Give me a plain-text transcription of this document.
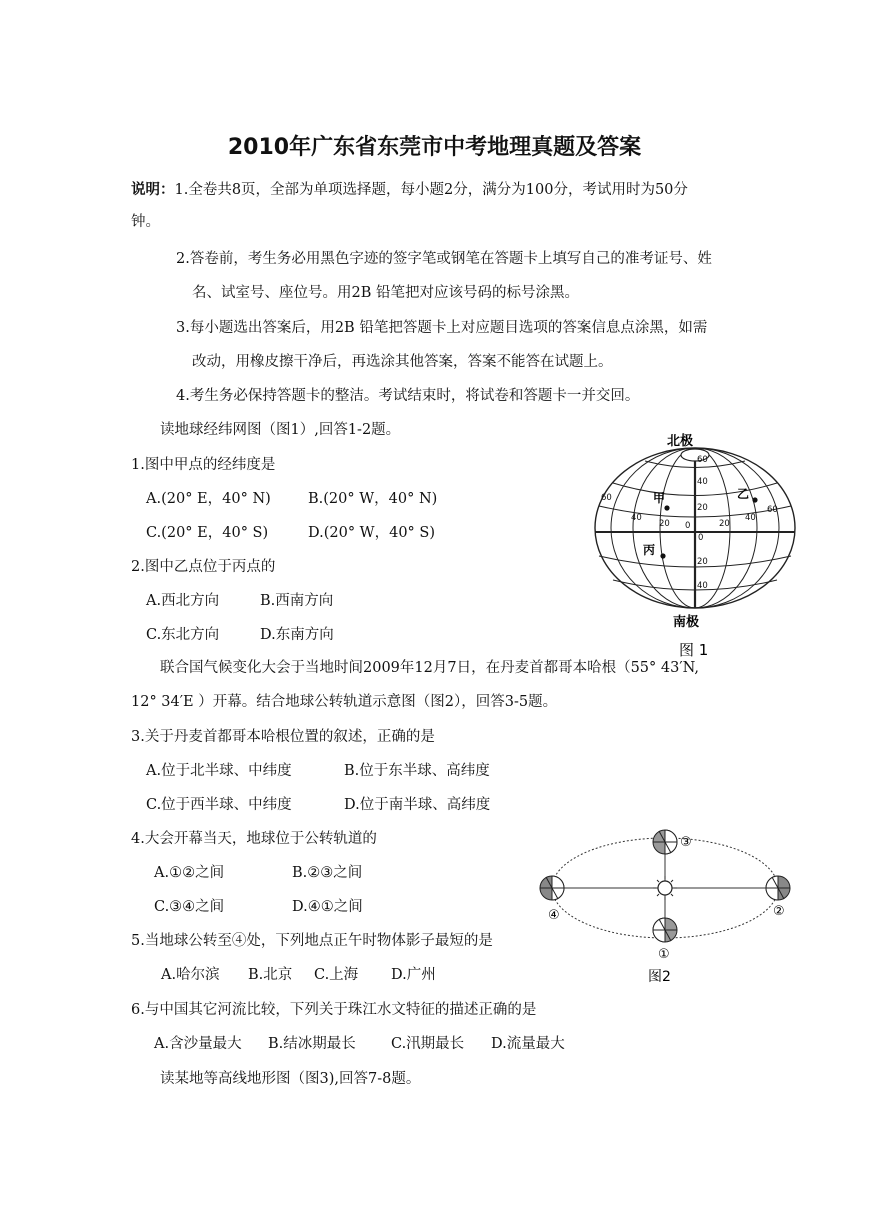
2010年广东省东莞市中考地理真题及答案
说明：1.全卷共8页，全部为单项选择题，每小题2分，满分为100分，考试用时为50分
钟。
2.答卷前，考生务必用黑色字迹的签字笔或钢笔在答题卡上填写自己的准考证号、姓
名、试室号、座位号。用2B 铅笔把对应该号码的标号涂黑。
3.每小题选出答案后，用2B 铅笔把答题卡上对应题目选项的答案信息点涂黑，如需
改动，用橡皮擦干净后，再选涂其他答案，答案不能答在试题上。
4.考生务必保持答题卡的整洁。考试结束时，将试卷和答题卡一并交回。
读地球经纬网图（图1）,回答1-2题。
1.图中甲点的经纬度是
A.(20° E，40° N)	B.(20° W，40° N)
C.(20° E，40° S)	D.(20° W，40° S)
2.图中乙点位于丙点的
A.西北方向	B.西南方向
C.东北方向	D.东南方向
联合国气候变化大会于当地时间2009年12月7日，在丹麦首都哥本哈根（55° 43′N,
12° 34′E ）开幕。结合地球公转轨道示意图（图2），回答3-5题。
3.关于丹麦首都哥本哈根位置的叙述，正确的是
A.位于北半球、中纬度	B.位于东半球、高纬度
C.位于西半球、中纬度	D.位于南半球、高纬度
4.大会开幕当天，地球位于公转轨道的
A.①②之间	B.②③之间
C.③④之间	D.④①之间
5.当地球公转至④处，下列地点正午时物体影子最短的是
A.哈尔滨 B.北京 C.上海 D.广州
6.与中国其它河流比较，下列关于珠江水文特征的描述正确的是
A.含沙量最大 B.结冰期最长 C.汛期最长 D.流量最大
读某地等高线地形图（图3),回答7-8题。
北极
60
40
20
0
20
40
60
40
20 0	20
40
60
甲	乙
丙
南极
图 1
③
①
④	②
图2
